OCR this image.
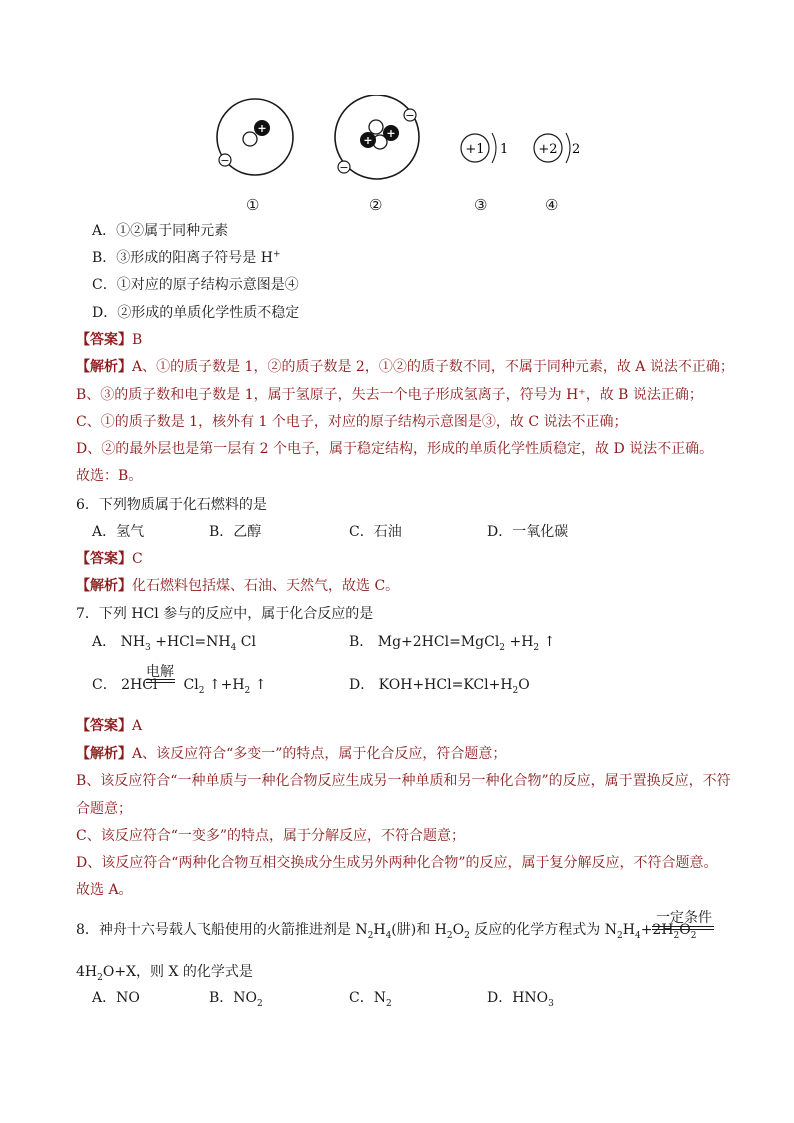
+
−
+
+
−
−
+1 1 +2 2
①	②	③	④
A．①②属于同种元素
B．③形成的阳离子符号是 H+
C．①对应的原子结构示意图是④
D．②形成的单质化学性质不稳定
【答案】B
【解析】A、①的质子数是 1，②的质子数是 2，①②的质子数不同，不属于同种元素，故 A 说法不正确；
B、③的质子数和电子数是 1，属于氢原子，失去一个电子形成氢离子，符号为 H⁺，故 B 说法正确；
C、①的质子数是 1，核外有 1 个电子，对应的原子结构示意图是③，故 C 说法不正确；
D、②的最外层也是第一层有 2 个电子，属于稳定结构，形成的单质化学性质稳定，故 D 说法不正确。
故选：B。
6．下列物质属于化石燃料的是
A．氢气	B．乙醇	C．石油	D．一氧化碳
【答案】C
【解析】化石燃料包括煤、石油、天然气，故选 C。
7．下列 HCl 参与的反应中，属于化合反应的是
A． $NH_3 +HCl=NH_4$ Cl	B． Mg+2HCl=MgCl$_2$ $+H_2$ ↑
C． 2HCl $Cl_2$ $↑+H_2$ ↑
电解
D． $KOH+HCl=KCl+H_2O$
【答案】A
【解析】A、该反应符合“多变一”的特点，属于化合反应，符合题意；
B、该反应符合“一种单质与一种化合物反应生成另一种单质和另一种化合物”的反应，属于置换反应，不符
合题意；
C、该反应符合“一变多”的特点，属于分解反应，不符合题意；
D、该反应符合“两种化合物互相交换成分生成另外两种化合物”的反应，属于复分解反应，不符合题意。
故选 A。
8．神舟十六号载人飞船使用的火箭推进剂是 $N_2H_4$(肼)和 $H_2O_2$ 反应的化学方程式为 $N_2H_4+2H_2O_2$
一定条件
$4H_2O+X$，则 X 的化学式是
A．NO	B．$NO_2$	C．$N_2$	D．$HNO_3$
